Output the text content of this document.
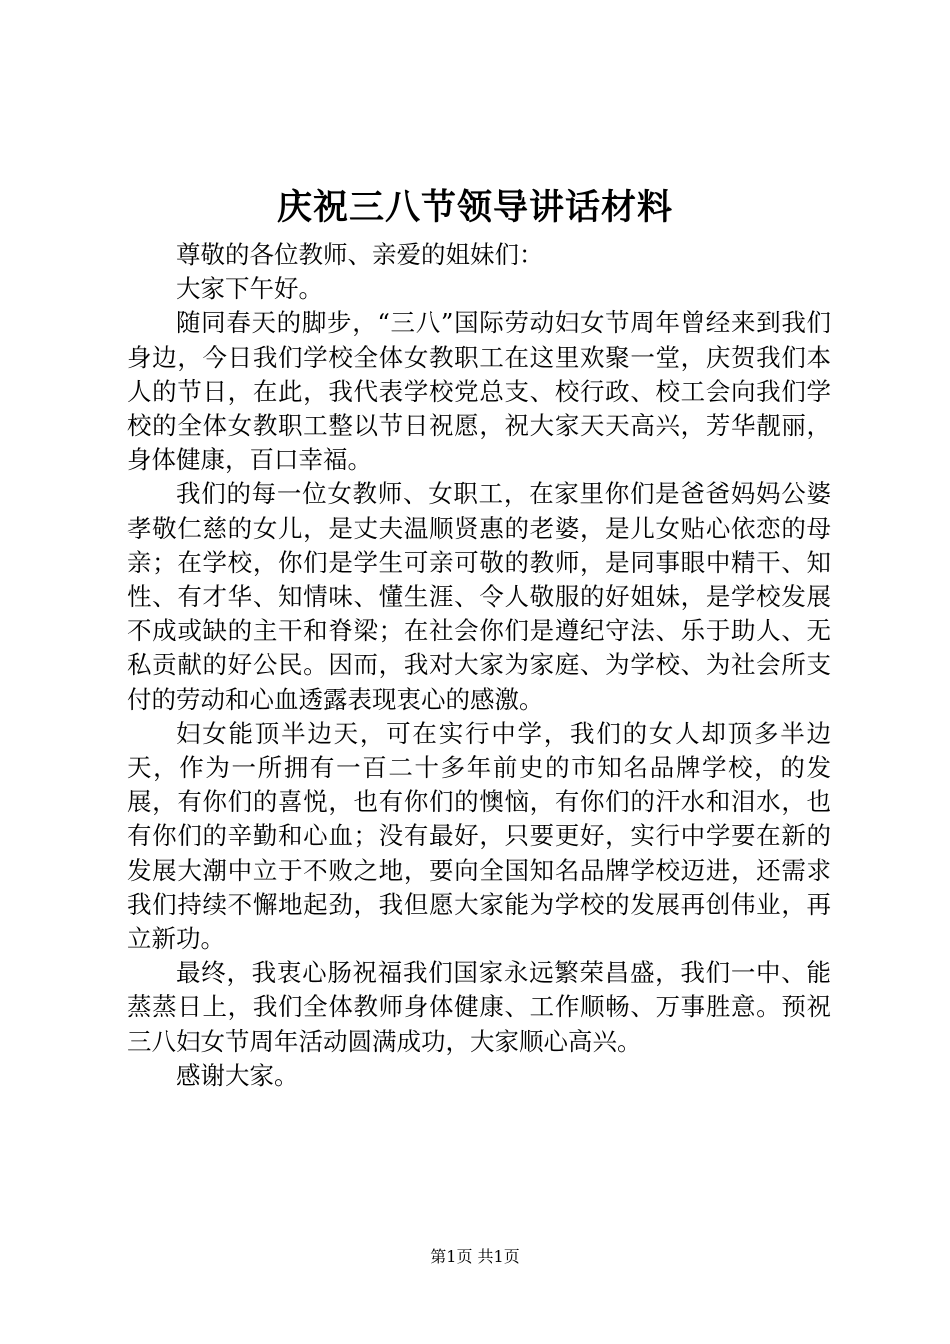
庆祝三八节领导讲话材料

尊敬的各位教师、亲爱的姐妹们：

大家下午好。

随同春天的脚步，“三八”国际劳动妇女节周年曾经来到我们身边，今日我们学校全体女教职工在这里欢聚一堂，庆贺我们本人的节日，在此，我代表学校党总支、校行政、校工会向我们学校的全体女教职工整以节日祝愿，祝大家天天高兴，芳华靓丽，身体健康，百口幸福。

我们的每一位女教师、女职工，在家里你们是爸爸妈妈公婆孝敬仁慈的女儿，是丈夫温顺贤惠的老婆，是儿女贴心依恋的母亲；在学校，你们是学生可亲可敬的教师，是同事眼中精干、知性、有才华、知情味、懂生涯、令人敬服的好姐妹，是学校发展不成或缺的主干和脊梁；在社会你们是遵纪守法、乐于助人、无私贡献的好公民。因而，我对大家为家庭、为学校、为社会所支付的劳动和心血透露表现衷心的感激。

妇女能顶半边天，可在实行中学，我们的女人却顶多半边天，作为一所拥有一百二十多年前史的市知名品牌学校，的发展，有你们的喜悦，也有你们的懊恼，有你们的汗水和泪水，也有你们的辛勤和心血；没有最好，只要更好，实行中学要在新的发展大潮中立于不败之地，要向全国知名品牌学校迈进，还需求我们持续不懈地起劲，我但愿大家能为学校的发展再创伟业，再立新功。

最终，我衷心肠祝福我们国家永远繁荣昌盛，我们一中、能蒸蒸日上，我们全体教师身体健康、工作顺畅、万事胜意。预祝三八妇女节周年活动圆满成功，大家顺心高兴。

感谢大家。

第1页 共1页
